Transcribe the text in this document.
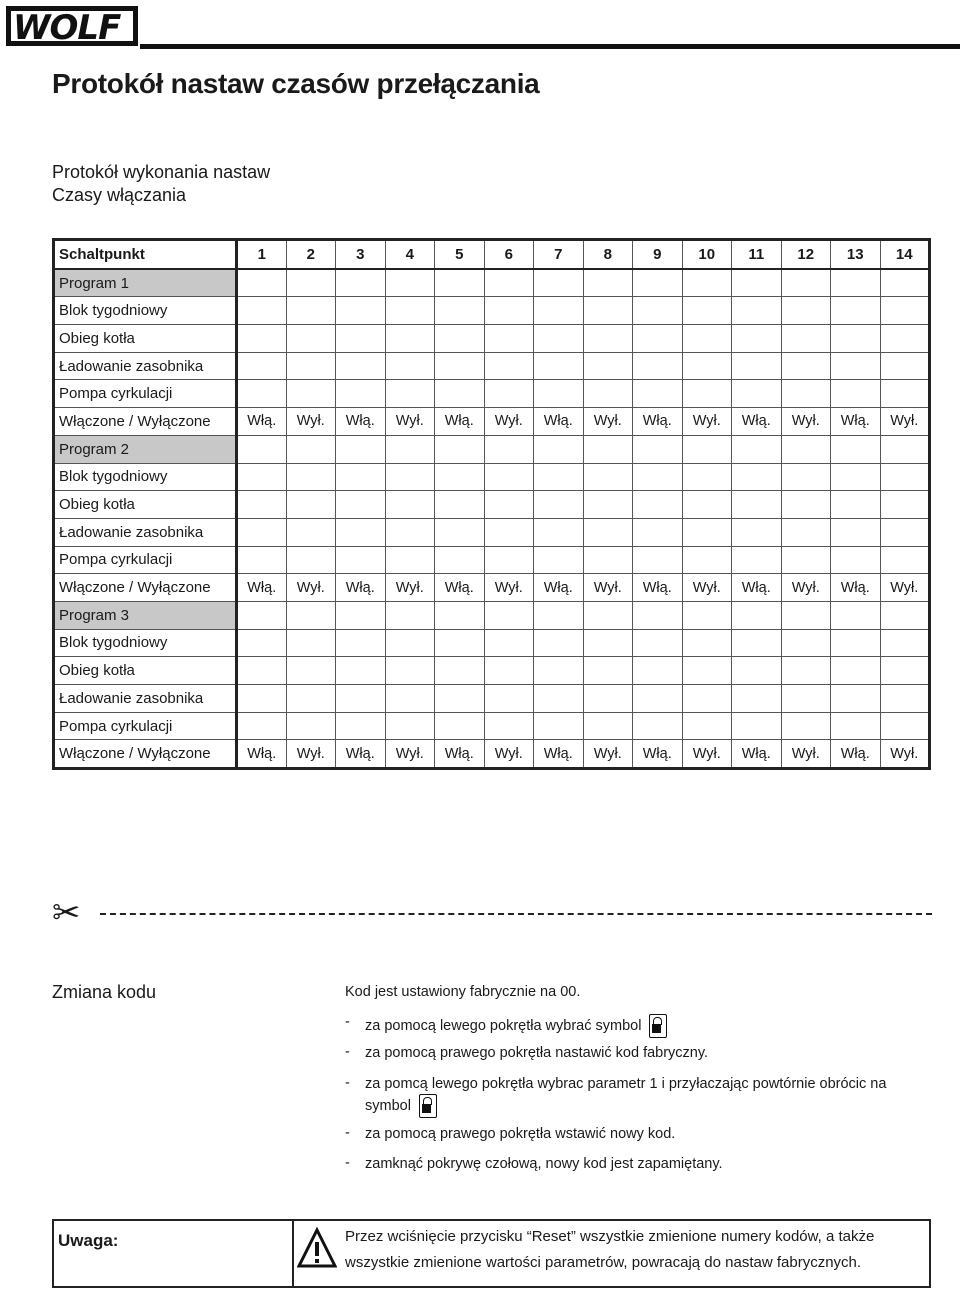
WOLF
Protokół nastaw czasów przełączania

Protokół wykonania nastaw

Czasy włączania

Schaltpunkt	1	2	3	4	5	6	7	8	9	10	11	12	13	14
Program 1														
Blok tygodniowy														
Obieg kotła														
Ładowanie zasobnika														
Pompa cyrkulacji														
Włączone / Wyłączone	Włą.	Wył.	Włą.	Wył.	Włą.	Wył.	Włą.	Wył.	Włą.	Wył.	Włą.	Wył.	Włą.	Wył.
Program 2														
Blok tygodniowy														
Obieg kotła														
Ładowanie zasobnika														
Pompa cyrkulacji														
Włączone / Wyłączone	Włą.	Wył.	Włą.	Wył.	Włą.	Wył.	Włą.	Wył.	Włą.	Wył.	Włą.	Wył.	Włą.	Wył.
Program 3														
Blok tygodniowy														
Obieg kotła														
Ładowanie zasobnika														
Pompa cyrkulacji														
Włączone / Wyłączone	Włą.	Wył.	Włą.	Wył.	Włą.	Wył.	Włą.	Wył.	Włą.	Wył.	Włą.	Wył.	Włą.	Wył.
✂
Zmiana kodu	Kod jest ustawiony fabrycznie na 00.
- za pomocą lewego pokrętła wybrać symbol
- za pomocą prawego pokrętła nastawić kod fabryczny.
- za pomcą lewego pokrętła wybrac parametr 1 i przyłaczając powtórnie obrócic na symbol
- za pomocą prawego pokrętła wstawić nowy kod.
- zamknąć pokrywę czołową, nowy kod jest zapamiętany.
Uwaga:	Przez wciśnięcie przycisku “Reset” wszystkie zmienione numery kodów, a także
wszystkie zmienione wartości parametrów, powracają do nastaw fabrycznych.
